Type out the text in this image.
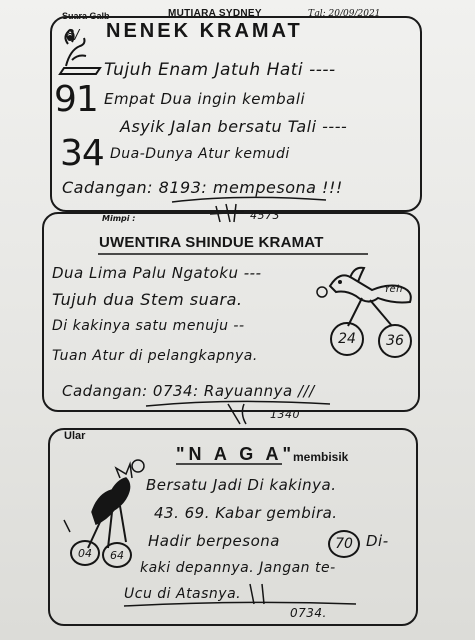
Suara Galb	MUTIARA SYDNEY	Tgl: 20/09/2021
8/ NENEK KRAMAT
Tujuh Enam Jatuh Hati ----
91 Empat Dua ingin kembali
Asyik Jalan bersatu Tali ----
34 Dua-Dunya Atur kemudi
Cadangan: 8193: mempesona !!!
4573
Mimpi :
UWENTIRA SHINDUE KRAMAT
Dua Lima Palu Ngatoku ---
Tujuh dua Stem suara.
Di kakinya satu menuju --
Tuan Atur di pelangkapnya.
Yeh
24	36
Cadangan: 0734: Rayuannya ///
1340
Ular
"N A G A"
membisik
04	64
Bersatu Jadi Di kakinya.
43. 69. Kabar gembira.
Hadir berpesona	70 Di-
kaki depannya. Jangan te-
Ucu di Atasnya.
0734.
